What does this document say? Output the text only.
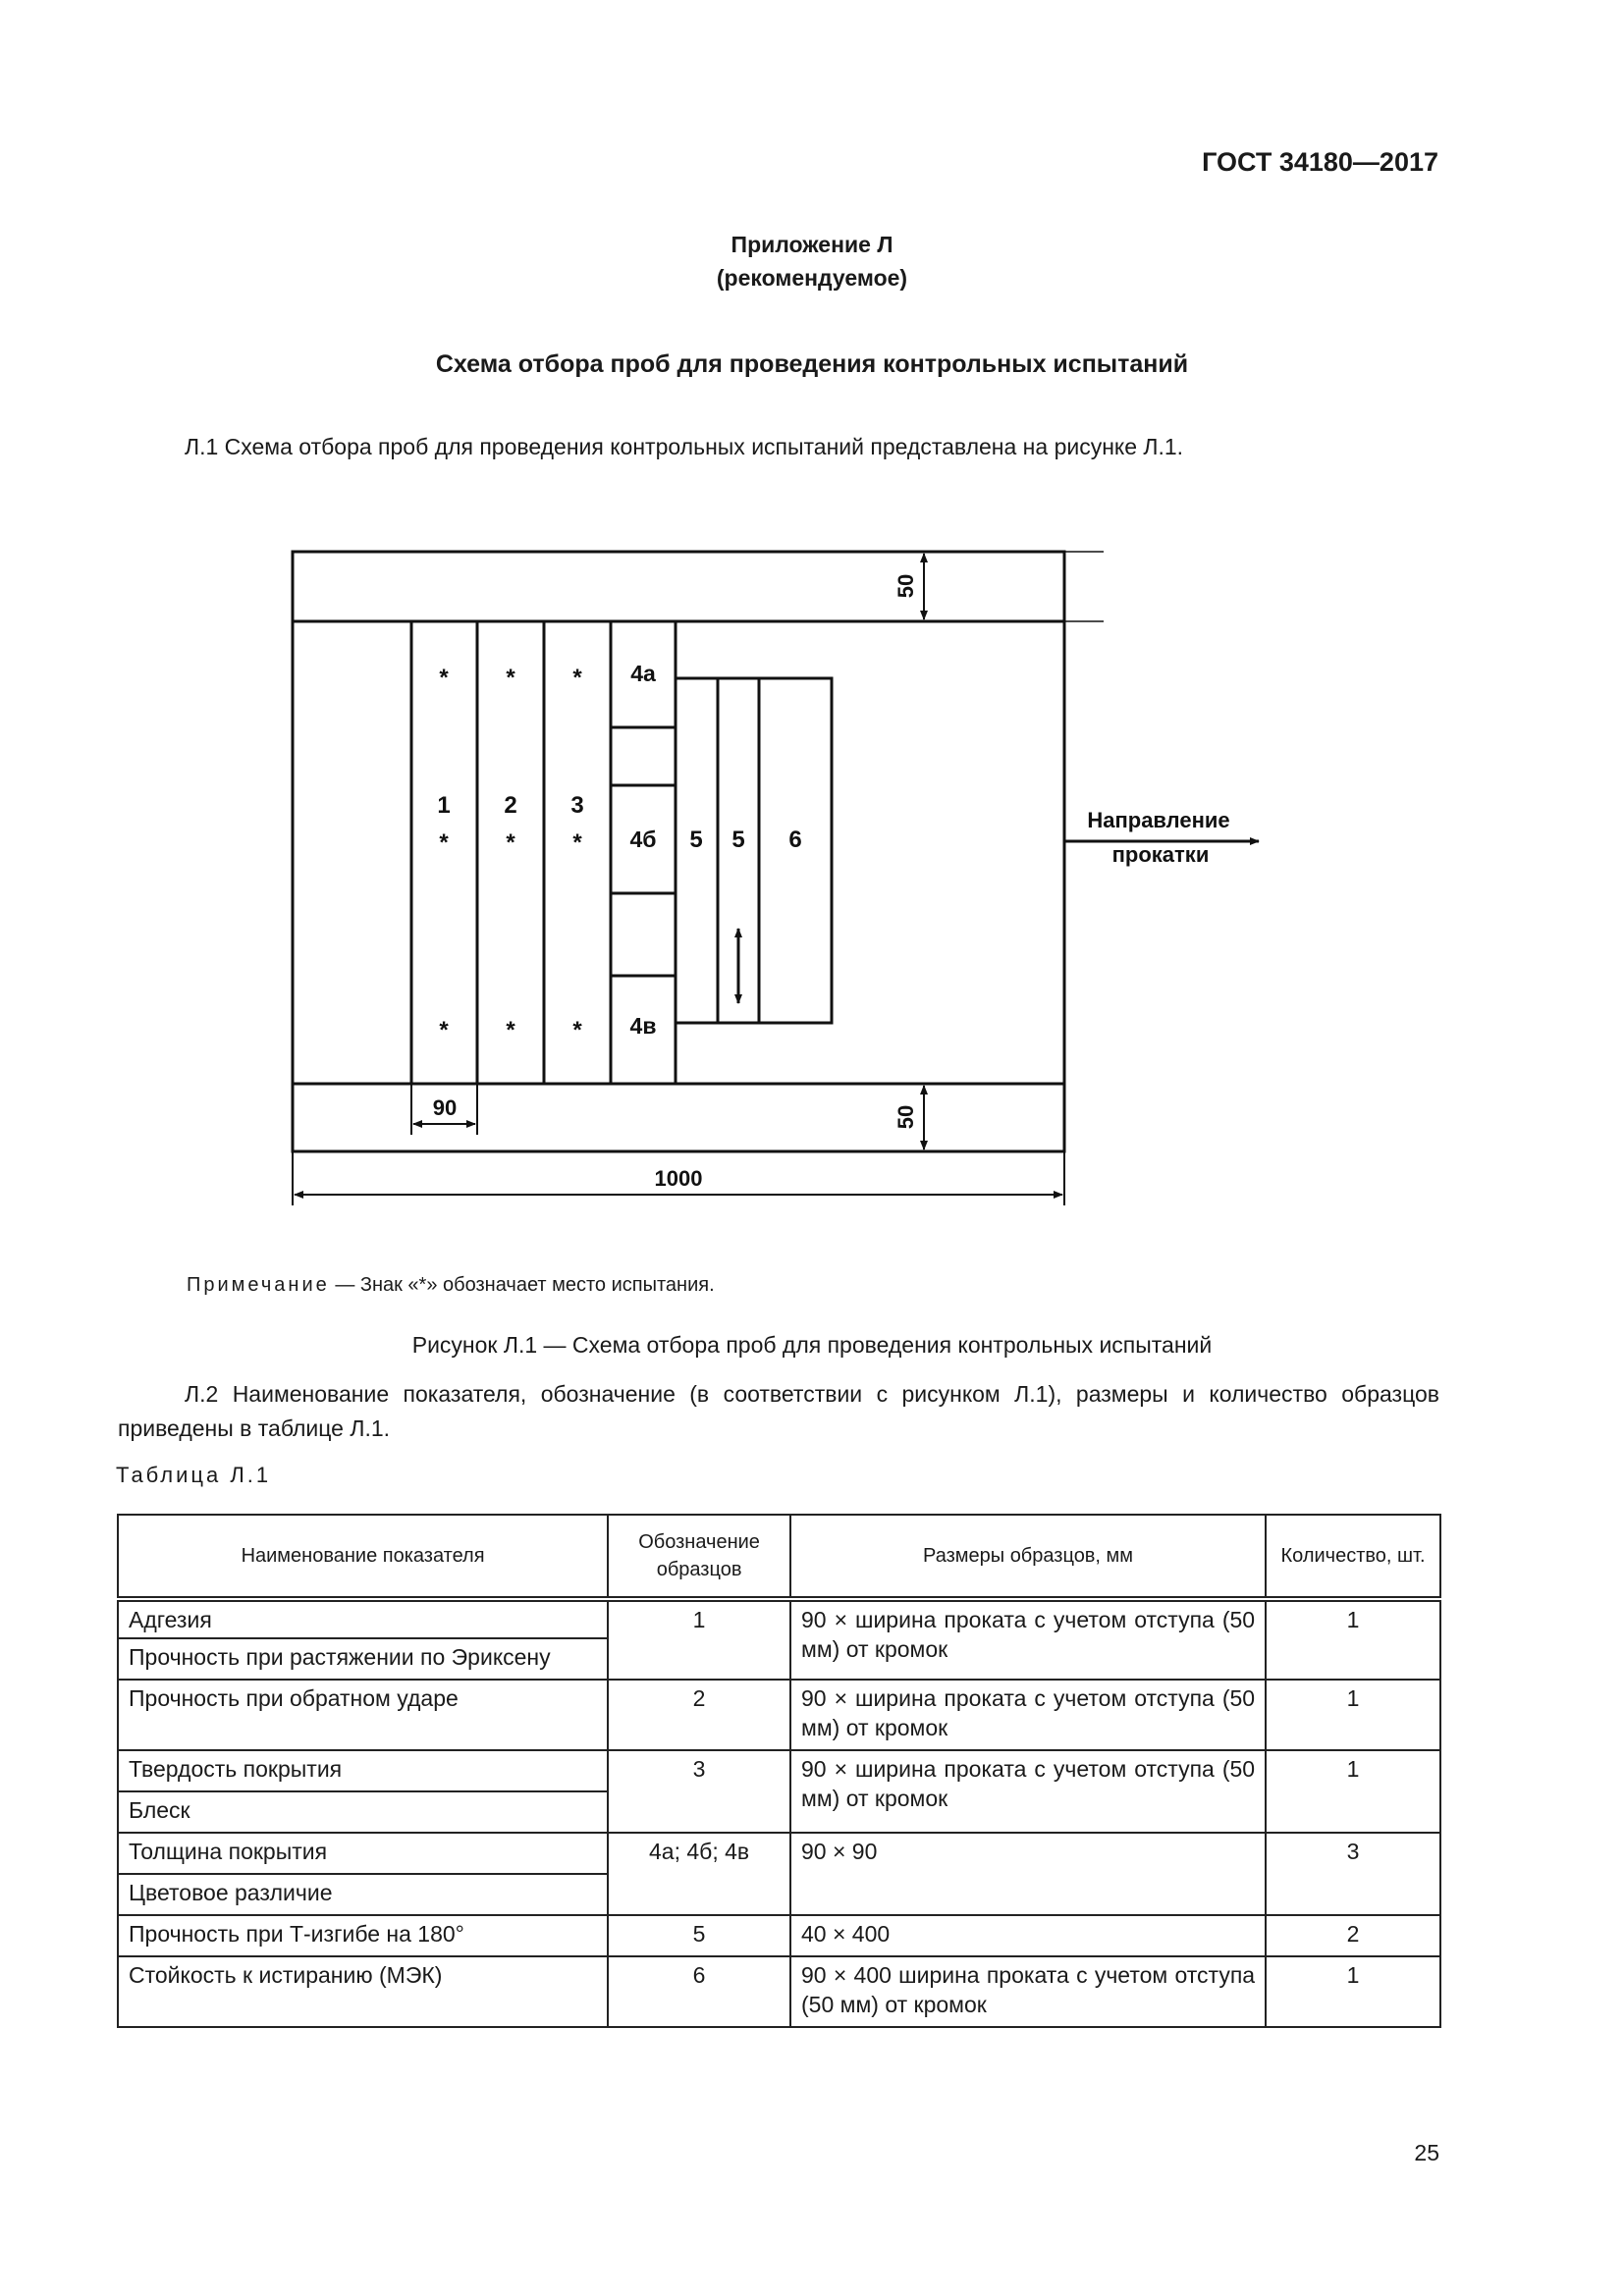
ГОСТ 34180—2017
Приложение Л
(рекомендуемое)
Схема отбора проб для проведения контрольных испытаний
Л.1 Схема отбора проб для проведения контрольных испытаний представлена на рисунке Л.1.
50
50
90
1000
* * *
* * *
* * *
1 2 3
4а
4б
4в
5 5 6
Направление
прокатки
Примечание — Знак «*» обозначает место испытания.
Рисунок Л.1 — Схема отбора проб для проведения контрольных испытаний
Л.2 Наименование показателя, обозначение (в соответствии с рисунком Л.1), размеры и количество образцов приведены в таблице Л.1.
Таблица Л.1
Наименование показателя	Обозначение образцов	Размеры образцов, мм	Количество, шт.
Адгезия	1	90 × ширина проката с учетом отступа (50 мм) от кромок	1
Прочность при растяжении по Эриксену			
Прочность при обратном ударе	2	90 × ширина проката с учетом отступа (50 мм) от кромок	1
Твердость покрытия	3	90 × ширина проката с учетом отступа (50 мм) от кромок	1
Блеск			
Толщина покрытия	4а; 4б; 4в	90 × 90	3
Цветовое различие			
Прочность при Т-изгибе на 180°	5	40 × 400	2
Стойкость к истиранию (МЭК)	6	90 × 400 ширина проката с учетом отступа (50 мм) от кромок	1
25
